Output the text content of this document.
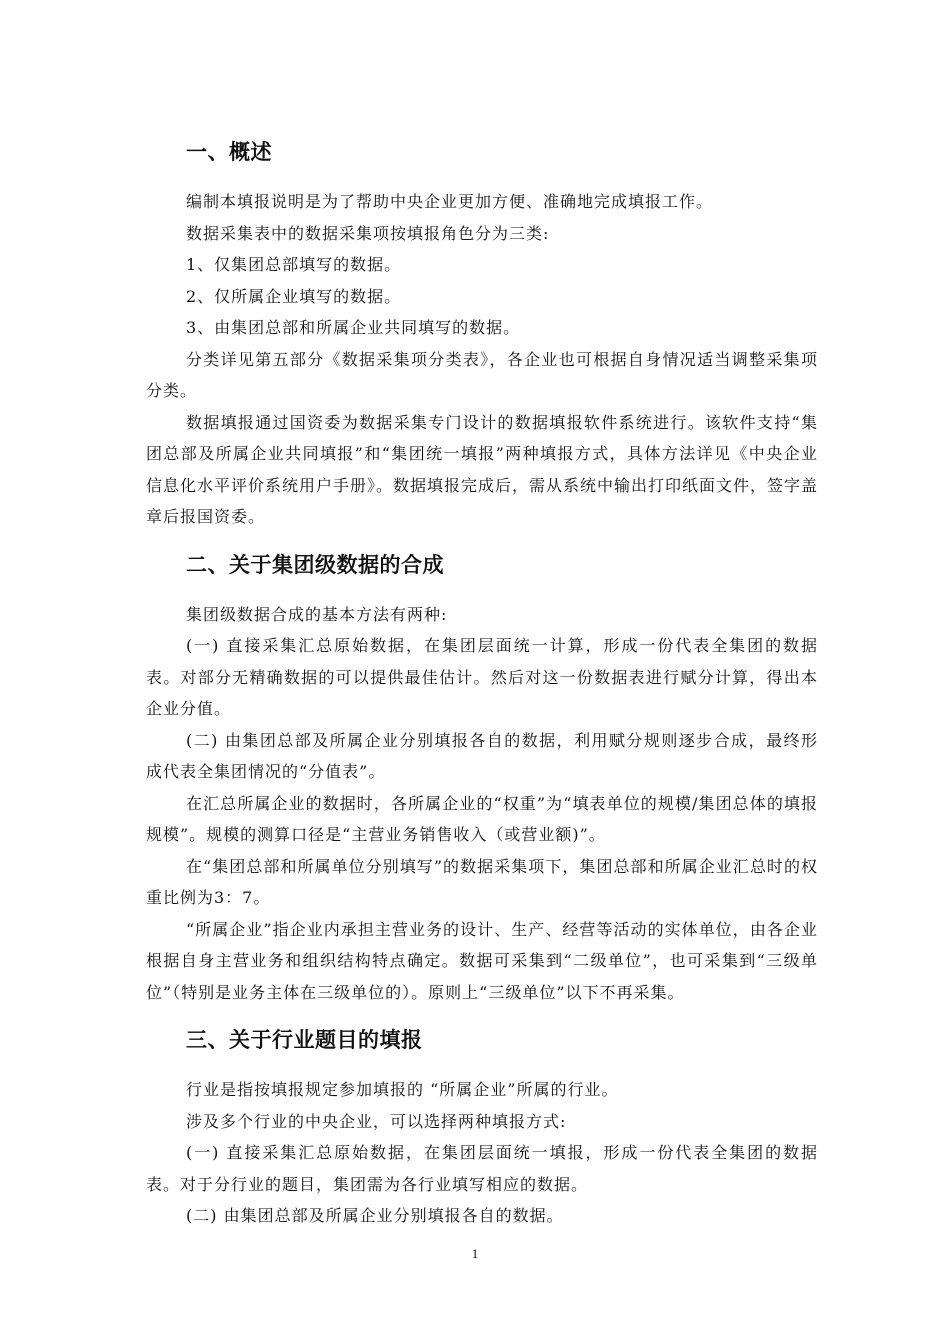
一、概述

编制本填报说明是为了帮助中央企业更加方便、准确地完成填报工作。

数据采集表中的数据采集项按填报角色分为三类:

1、仅集团总部填写的数据。

2、仅所属企业填写的数据。

3、由集团总部和所属企业共同填写的数据。

分类详见第五部分《数据采集项分类表》，各企业也可根据自身情况适当调整采集项分类。

数据填报通过国资委为数据采集专门设计的数据填报软件系统进行。该软件支持“集团总部及所属企业共同填报”和“集团统一填报”两种填报方式，具体方法详见《中央企业信息化水平评价系统用户手册》。数据填报完成后，需从系统中输出打印纸面文件，签字盖章后报国资委。

二、关于集团级数据的合成

集团级数据合成的基本方法有两种:

(一) 直接采集汇总原始数据，在集团层面统一计算，形成一份代表全集团的数据表。对部分无精确数据的可以提供最佳估计。然后对这一份数据表进行赋分计算，得出本企业分值。

(二) 由集团总部及所属企业分别填报各自的数据，利用赋分规则逐步合成，最终形成代表全集团情况的“分值表”。

在汇总所属企业的数据时，各所属企业的“权重”为“填表单位的规模/集团总体的填报规模”。规模的测算口径是“主营业务销售收入（或营业额)”。

在“集团总部和所属单位分别填写”的数据采集项下，集团总部和所属企业汇总时的权重比例为3：7。

“所属企业”指企业内承担主营业务的设计、生产、经营等活动的实体单位，由各企业根据自身主营业务和组织结构特点确定。数据可采集到“二级单位”，也可采集到“三级单位”（特别是业务主体在三级单位的）。原则上“三级单位”以下不再采集。

三、关于行业题目的填报

行业是指按填报规定参加填报的 “所属企业”所属的行业。

涉及多个行业的中央企业，可以选择两种填报方式:

(一) 直接采集汇总原始数据，在集团层面统一填报，形成一份代表全集团的数据表。对于分行业的题目，集团需为各行业填写相应的数据。

(二) 由集团总部及所属企业分别填报各自的数据。

1
